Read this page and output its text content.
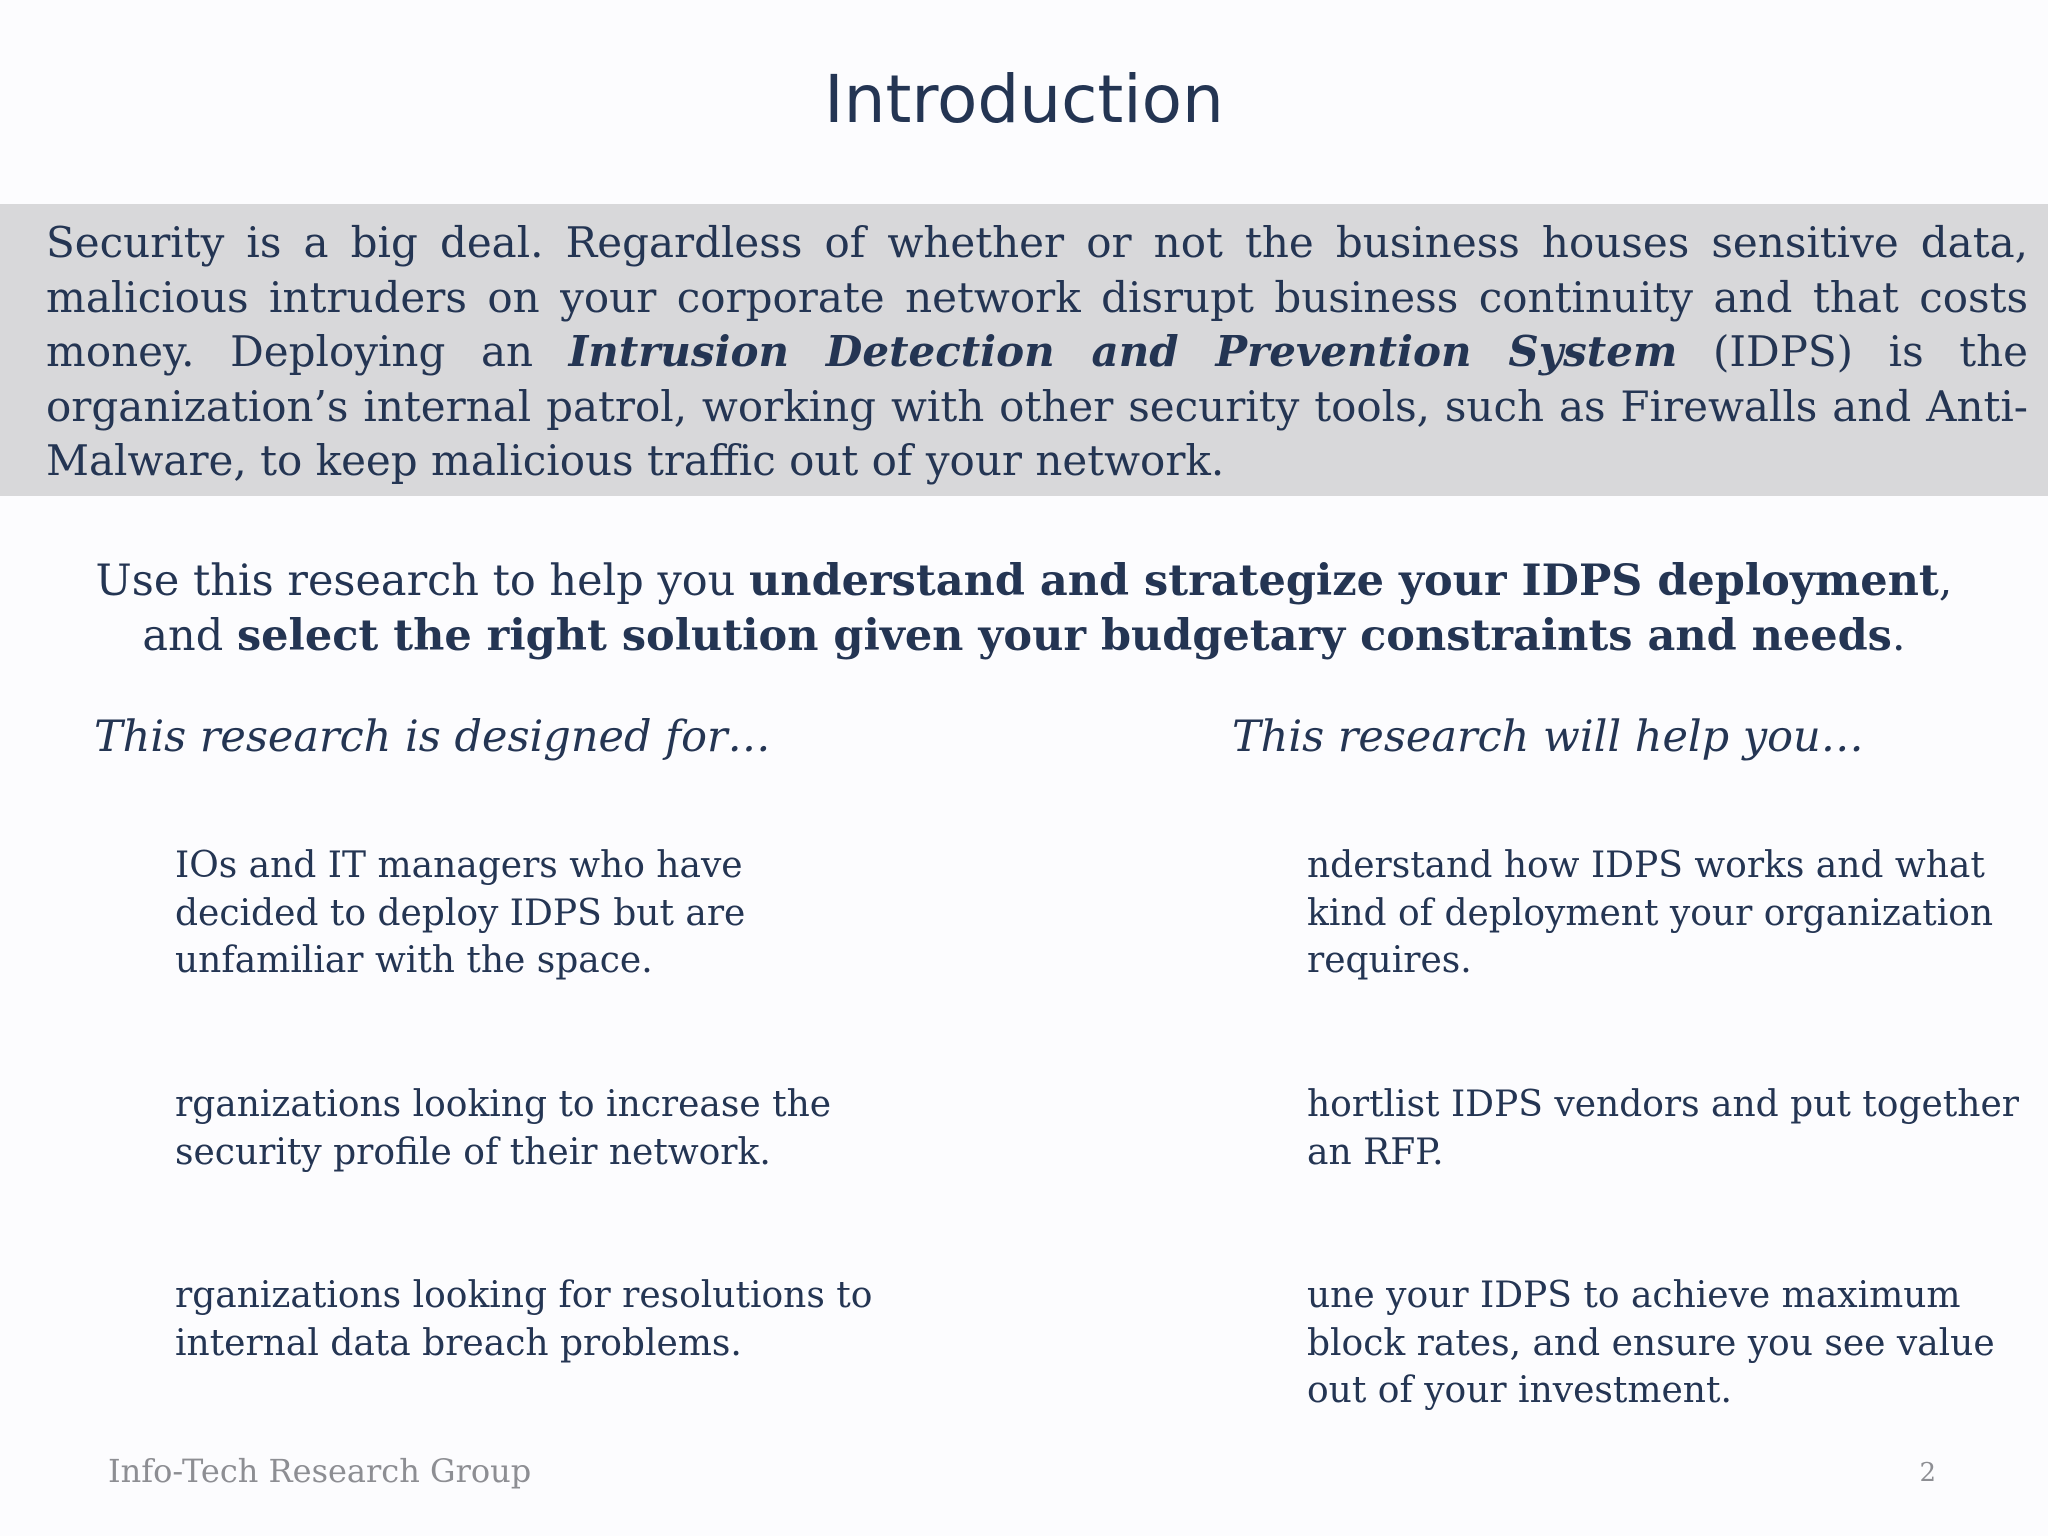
Introduction

Security is a big deal. Regardless of whether or not the business houses sensitive data, malicious intruders on your corporate network disrupt business continuity and that costs money. Deploying an Intrusion Detection and Prevention System (IDPS) is the organization’s internal patrol, working with other security tools, such as Firewalls and Anti-Malware, to keep malicious traffic out of your network.

Use this research to help you understand and strategize your IDPS deployment,
and select the right solution given your budgetary constraints and needs.

This research is designed for…	This research will help you…

IOs and IT managers who have decided to deploy IDPS but are unfamiliar with the space.

rganizations looking to increase the security profile of their network.

rganizations looking for resolutions to internal data breach problems.

nderstand how IDPS works and what kind of deployment your organization requires.

hortlist IDPS vendors and put together an RFP.

une your IDPS to achieve maximum block rates, and ensure you see value out of your investment.

Info-Tech Research Group	2
